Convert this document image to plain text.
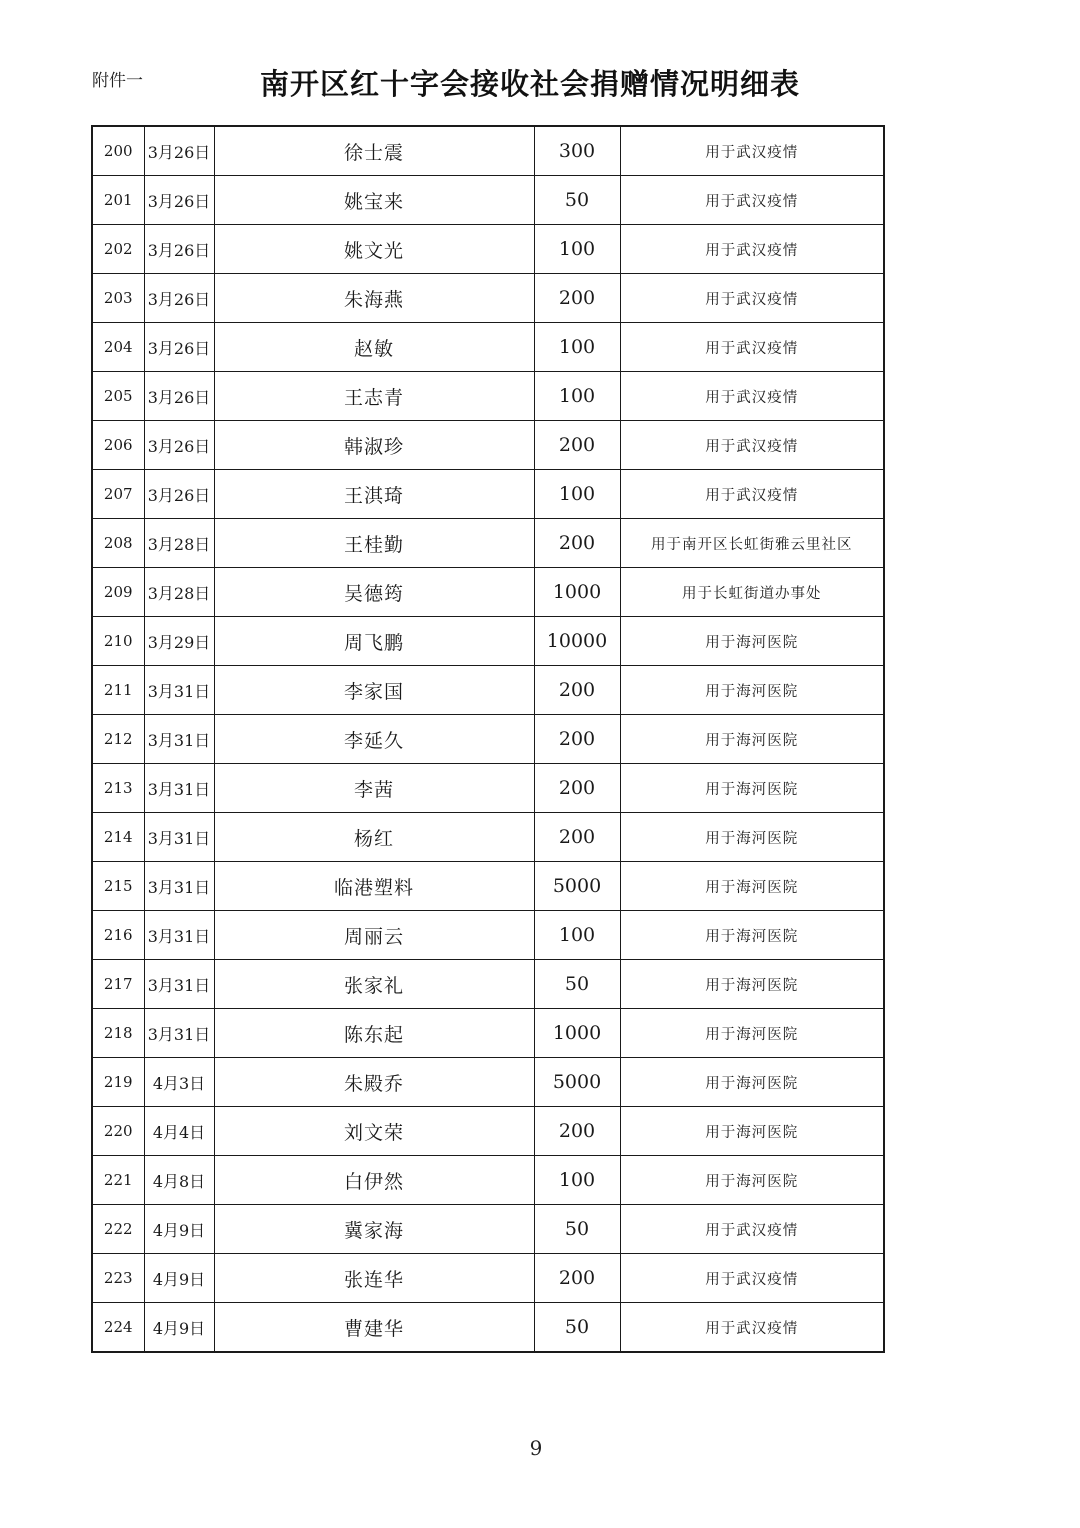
附件一	南开区红十字会接收社会捐赠情况明细表
200	3月26日	徐士震	300	用于武汉疫情
201	3月26日	姚宝来	50	用于武汉疫情
202	3月26日	姚文光	100	用于武汉疫情
203	3月26日	朱海燕	200	用于武汉疫情
204	3月26日	赵敏	100	用于武汉疫情
205	3月26日	王志青	100	用于武汉疫情
206	3月26日	韩淑珍	200	用于武汉疫情
207	3月26日	王淇琦	100	用于武汉疫情
208	3月28日	王桂勤	200	用于南开区长虹街雅云里社区
209	3月28日	吴德筠	1000	用于长虹街道办事处
210	3月29日	周飞鹏	10000	用于海河医院
211	3月31日	李家国	200	用于海河医院
212	3月31日	李延久	200	用于海河医院
213	3月31日	李茜	200	用于海河医院
214	3月31日	杨红	200	用于海河医院
215	3月31日	临港塑料	5000	用于海河医院
216	3月31日	周丽云	100	用于海河医院
217	3月31日	张家礼	50	用于海河医院
218	3月31日	陈东起	1000	用于海河医院
219	4月3日	朱殿乔	5000	用于海河医院
220	4月4日	刘文荣	200	用于海河医院
221	4月8日	白伊然	100	用于海河医院
222	4月9日	冀家海	50	用于武汉疫情
223	4月9日	张连华	200	用于武汉疫情
224	4月9日	曹建华	50	用于武汉疫情
9
